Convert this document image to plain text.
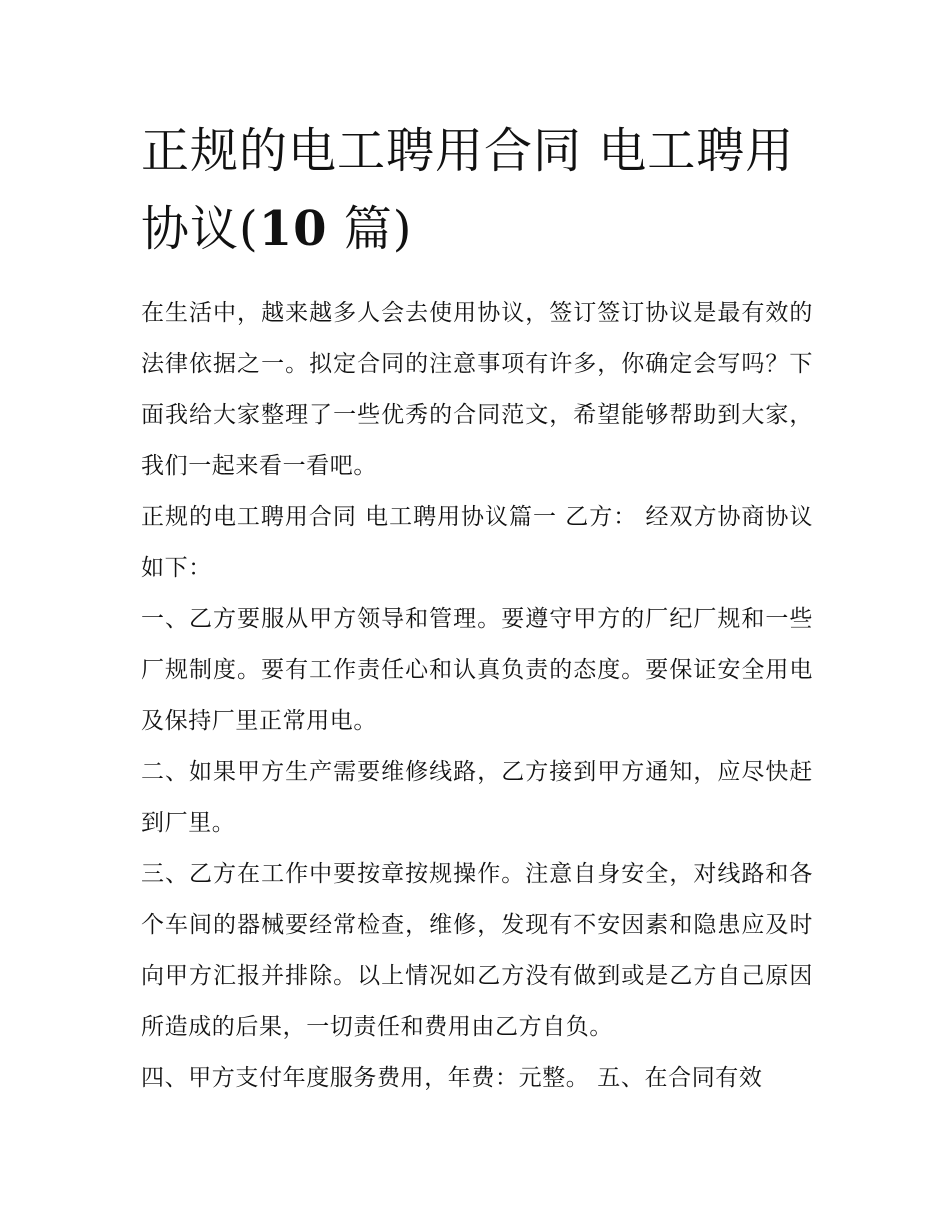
正规的电工聘用合同 电工聘用协议(10 篇)

在生活中，越来越多人会去使用协议，签订签订协议是最有效的法律依据之一。拟定合同的注意事项有许多，你确定会写吗？下面我给大家整理了一些优秀的合同范文，希望能够帮助到大家，我们一起来看一看吧。

正规的电工聘用合同 电工聘用协议篇一 乙方： 经双方协商协议如下：

一、乙方要服从甲方领导和管理。要遵守甲方的厂纪厂规和一些厂规制度。要有工作责任心和认真负责的态度。要保证安全用电及保持厂里正常用电。

二、如果甲方生产需要维修线路，乙方接到甲方通知，应尽快赶到厂里。

三、乙方在工作中要按章按规操作。注意自身安全，对线路和各个车间的器械要经常检查，维修，发现有不安因素和隐患应及时向甲方汇报并排除。以上情况如乙方没有做到或是乙方自己原因所造成的后果，一切责任和费用由乙方自负。

四、甲方支付年度服务费用，年费：元整。 五、在合同有效
